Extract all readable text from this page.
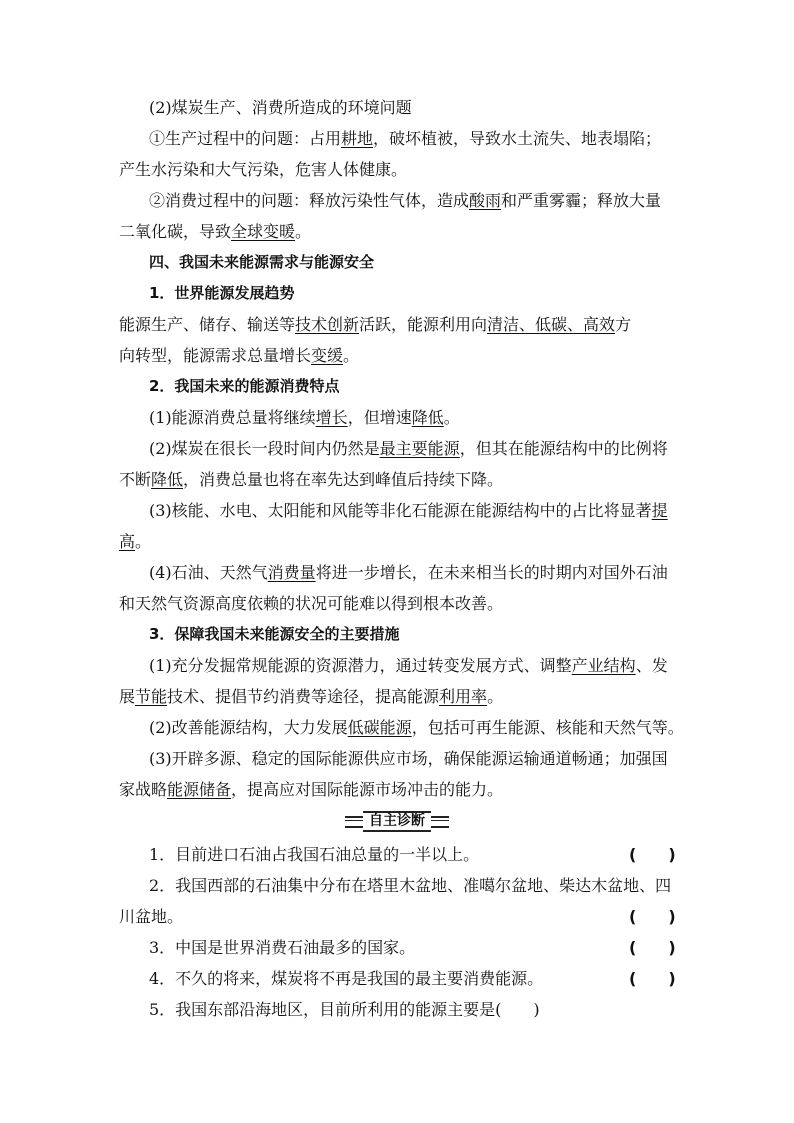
(2)煤炭生产、消费所造成的环境问题
①生产过程中的问题：占用耕地，破坏植被，导致水土流失、地表塌陷；
产生水污染和大气污染，危害人体健康。
②消费过程中的问题：释放污染性气体，造成酸雨和严重雾霾；释放大量
二氧化碳，导致全球变暖。
四、我国未来能源需求与能源安全
1．世界能源发展趋势
能源生产、储存、输送等技术创新活跃，能源利用向清洁、低碳、高效方
向转型，能源需求总量增长变缓。
2．我国未来的能源消费特点
(1)能源消费总量将继续增长，但增速降低。
(2)煤炭在很长一段时间内仍然是最主要能源，但其在能源结构中的比例将
不断降低，消费总量也将在率先达到峰值后持续下降。
(3)核能、水电、太阳能和风能等非化石能源在能源结构中的占比将显著提
高。
(4)石油、天然气消费量将进一步增长，在未来相当长的时期内对国外石油
和天然气资源高度依赖的状况可能难以得到根本改善。
3．保障我国未来能源安全的主要措施
(1)充分发掘常规能源的资源潜力，通过转变发展方式、调整产业结构、发
展节能技术、提倡节约消费等途径，提高能源利用率。
(2)改善能源结构，大力发展低碳能源，包括可再生能源、核能和天然气等。
(3)开辟多源、稳定的国际能源供应市场，确保能源运输通道畅通；加强国
家战略能源储备，提高应对国际能源市场冲击的能力。
自主诊断
1．目前进口石油占我国石油总量的一半以上。	(　　)
2．我国西部的石油集中分布在塔里木盆地、准噶尔盆地、柴达木盆地、四
川盆地。	(　　)
3．中国是世界消费石油最多的国家。	(　　)
4．不久的将来，煤炭将不再是我国的最主要消费能源。	(　　)
5．我国东部沿海地区，目前所利用的能源主要是(　　)
